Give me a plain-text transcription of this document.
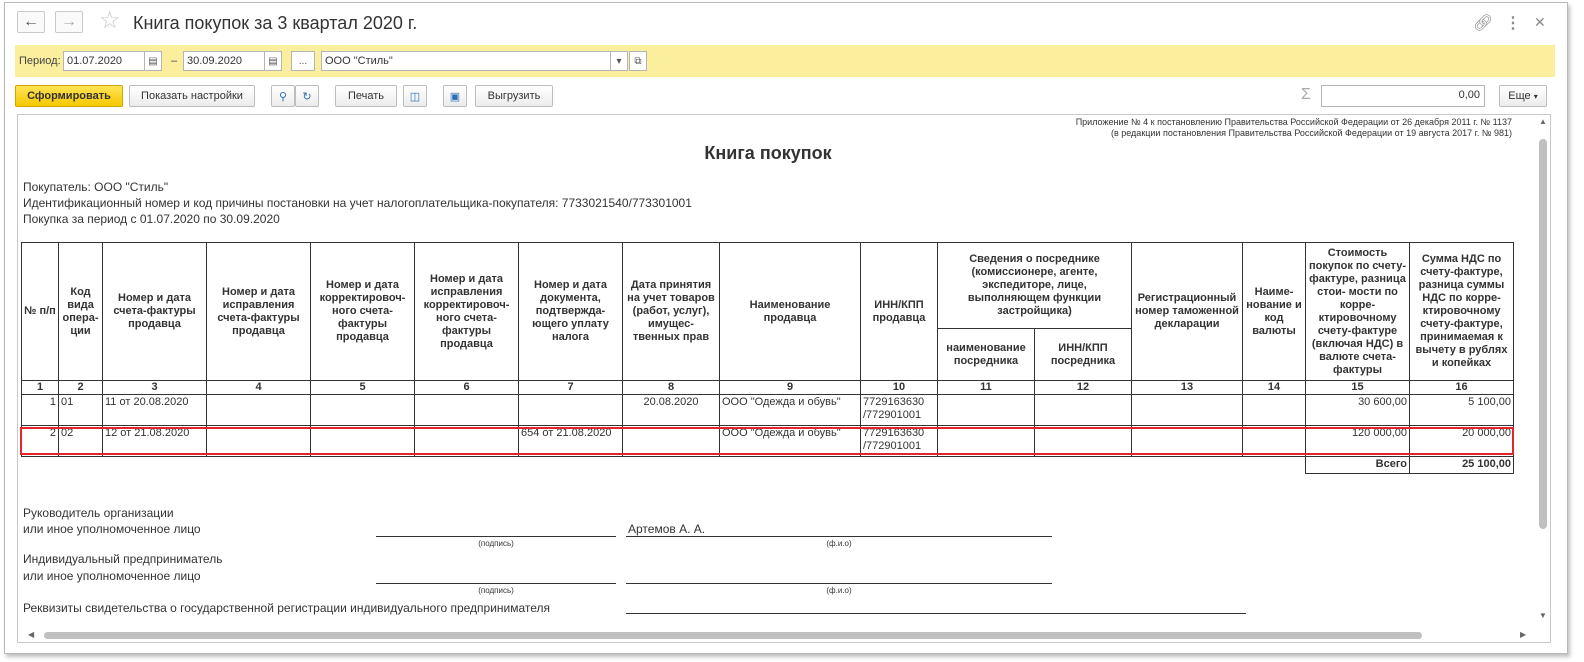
← → ☆ Книга покупок за 3 квартал 2020 г.	🔗︎ ⋮ ✕
Период: 01.07.2020	▤	– 30.09.2020	▤	...	ООО "Стиль"	▾	⧉
Сформировать	Показать настройки	⚲ ↻	Печать	◫	▣	Выгрузить	Σ	0,00	Еще ▾
Приложение № 4 к постановлению Правительства Российской Федерации от 26 декабря 2011 г. № 1137
(в редакции постановления Правительства Российской Федерации от 19 августа 2017 г. № 981)
Книга покупок
Покупатель: ООО "Стиль"
Идентификационный номер и код причины постановки на учет налогоплательщика-покупателя: 7733021540/773301001
Покупка за период с 01.07.2020 по 30.09.2020
№ п/п	Код вида опера- ции	Номер и дата счета-фактуры продавца	Номер и дата исправления счета-фактуры продавца	Номер и дата корректировоч- ного счета-фактуры продавца	Номер и дата исправления корректировоч- ного счета-фактуры продавца	Номер и дата документа, подтвержда- ющего уплату налога	Дата принятия на учет товаров (работ, услуг), имущес- твенных прав	Наименование продавца	ИНН/КПП продавца	Сведения о посреднике (комиссионере, агенте, экспедиторе, лице, выполняющем функции застройщика)		Регистрационный номер таможенной декларации	Наиме- нование и код валюты	Стоимость покупок по счету-фактуре, разница стои- мости по корре- ктировочному счету-фактуре (включая НДС) в валюте счета-фактуры	Сумма НДС по счету-фактуре, разница суммы НДС по корре- ктировочному счету-фактуре, принимаемая к вычету в рублях и копейках
										наименование посредника	ИНН/КПП посредника				
1	2	3	4	5	6	7	8	9	10	11	12	13	14	15	16
1	01	11 от 20.08.2020					20.08.2020	ООО "Одежда и обувь"	7729163630 /772901001					30 600,00	5 100,00
2	02	12 от 21.08.2020				654 от 21.08.2020		ООО "Одежда и обувь"	7729163630 /772901001					120 000,00	20 000,00
														Всего	25 100,00
Руководитель организации
или иное уполномоченное лицо
(подпись)
Артемов А. А.
(ф.и.о)
Индивидуальный предприниматель
или иное уполномоченное лицо
(подпись)	(ф.и.о)
Реквизиты свидетельства о государственной регистрации индивидуального предпринимателя
▲
▼
◀	▶
